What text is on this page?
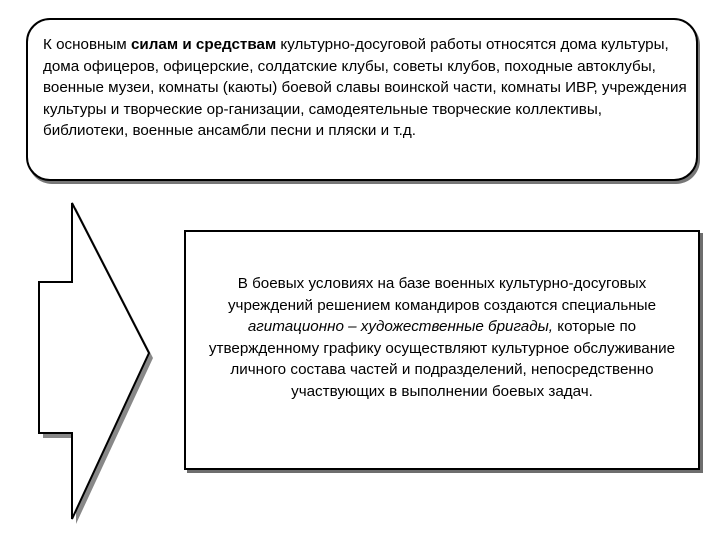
К основным силам и средствам культурно-досуговой работы относятся дома культуры, дома офицеров, офицерские, солдатские клубы, советы клубов, походные автоклубы, военные музеи, комнаты (каюты) боевой славы воинской части, комнаты ИВР, учреждения культуры и творческие ор-ганизации, самодеятельные творческие коллективы, библиотеки, военные ансамбли песни и пляски и т.д.

В боевых условиях на базе военных культурно-досуговых учреждений решением командиров создаются специальные агитационно – художественные бригады, которые по утвержденному графику осуществляют культурное обслуживание личного состава частей и подразделений, непосредственно участвующих в выполнении боевых задач.
